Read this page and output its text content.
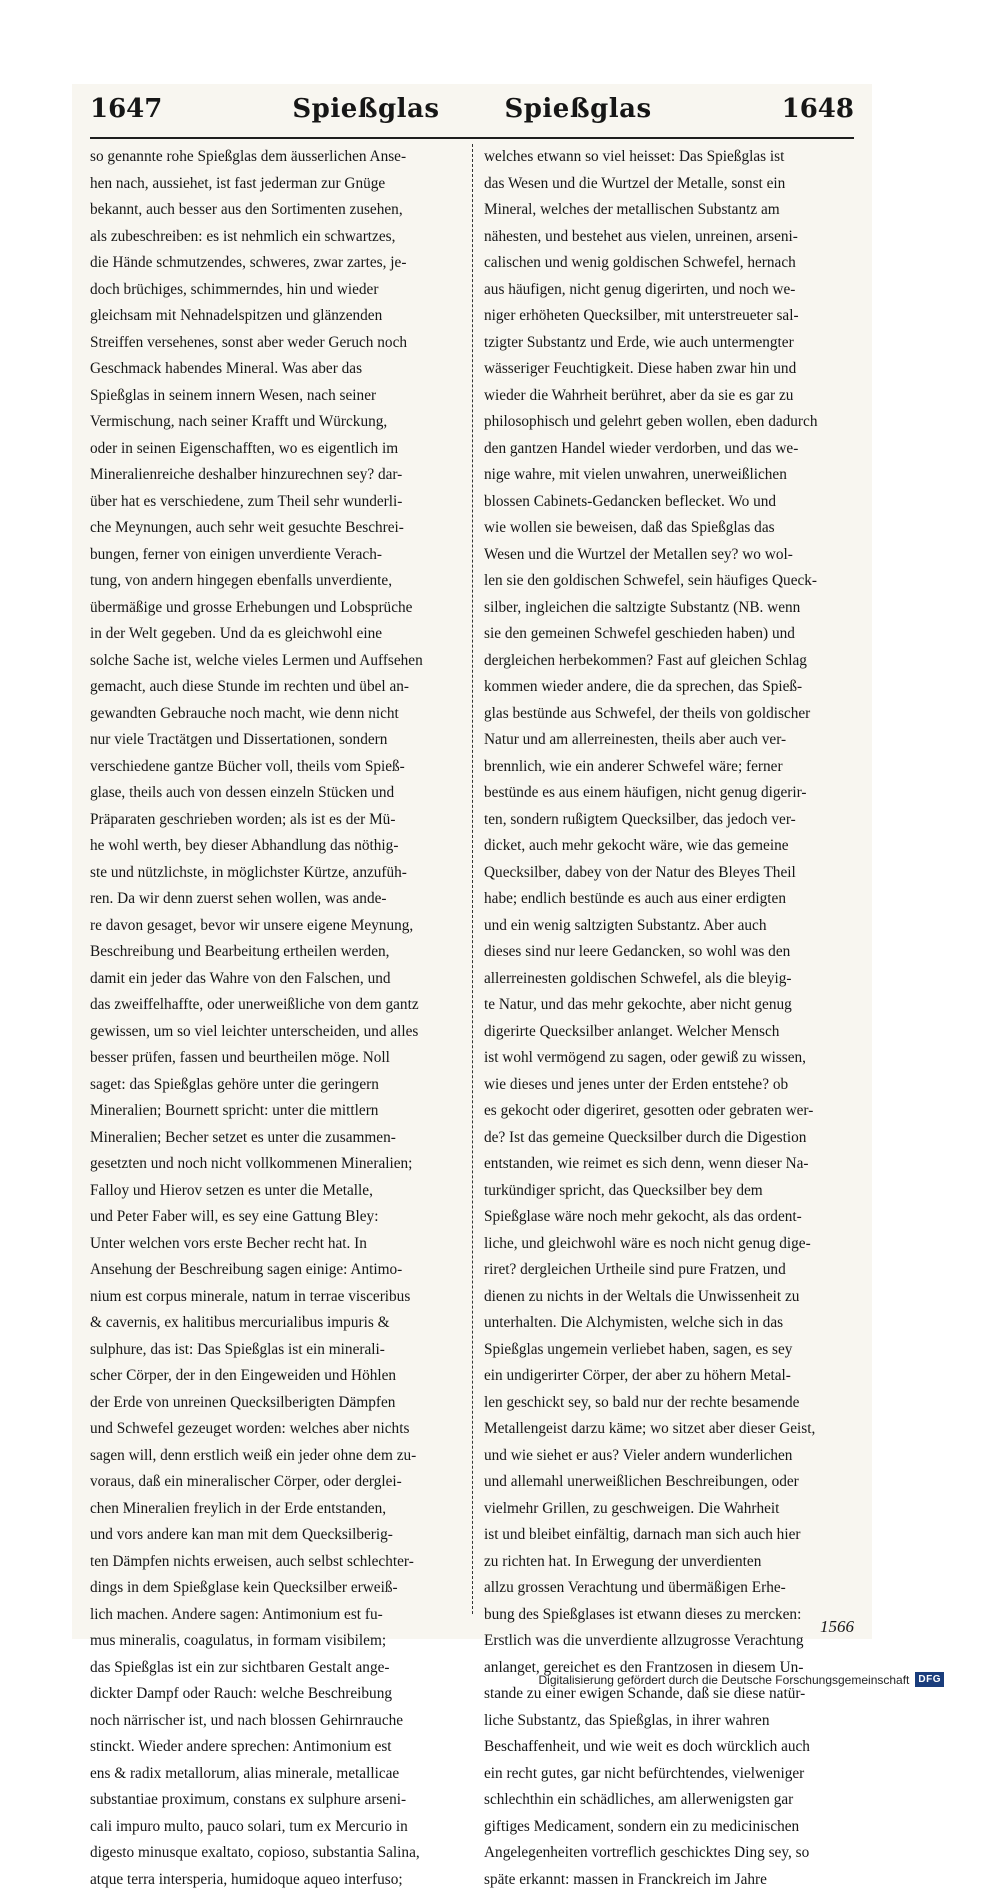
1647	Spießglas Spießglas	1648
so genannte rohe Spießglas dem äusserlichen Anse-
hen nach, aussiehet, ist fast jederman zur Gnüge
bekannt, auch besser aus den Sortimenten zusehen,
als zubeschreiben: es ist nehmlich ein schwartzes,
die Hände schmutzendes, schweres, zwar zartes, je-
doch brüchiges, schimmerndes, hin und wieder
gleichsam mit Nehnadelspitzen und glänzenden
Streiffen versehenes, sonst aber weder Geruch noch
Geschmack habendes Mineral. Was aber das
Spießglas in seinem innern Wesen, nach seiner
Vermischung, nach seiner Krafft und Würckung,
oder in seinen Eigenschafften, wo es eigentlich im
Mineralienreiche deshalber hinzurechnen sey? dar-
über hat es verschiedene, zum Theil sehr wunderli-
che Meynungen, auch sehr weit gesuchte Beschrei-
bungen, ferner von einigen unverdiente Verach-
tung, von andern hingegen ebenfalls unverdiente,
übermäßige und grosse Erhebungen und Lobsprüche
in der Welt gegeben. Und da es gleichwohl eine
solche Sache ist, welche vieles Lermen und Auffsehen
gemacht, auch diese Stunde im rechten und übel an-
gewandten Gebrauche noch macht, wie denn nicht
nur viele Tractätgen und Dissertationen, sondern
verschiedene gantze Bücher voll, theils vom Spieß-
glase, theils auch von dessen einzeln Stücken und
Präparaten geschrieben worden; als ist es der Mü-
he wohl werth, bey dieser Abhandlung das nöthig-
ste und nützlichste, in möglichster Kürtze, anzufüh-
ren. Da wir denn zuerst sehen wollen, was ande-
re davon gesaget, bevor wir unsere eigene Meynung,
Beschreibung und Bearbeitung ertheilen werden,
damit ein jeder das Wahre von den Falschen, und
das zweiffelhaffte, oder unerweißliche von dem gantz
gewissen, um so viel leichter unterscheiden, und alles
besser prüfen, fassen und beurtheilen möge. Noll
saget: das Spießglas gehöre unter die geringern
Mineralien; Bournett spricht: unter die mittlern
Mineralien; Becher setzet es unter die zusammen-
gesetzten und noch nicht vollkommenen Mineralien;
Falloy und Hierov setzen es unter die Metalle,
und Peter Faber will, es sey eine Gattung Bley:
Unter welchen vors erste Becher recht hat. In
Ansehung der Beschreibung sagen einige: Antimo-
nium est corpus minerale, natum in terrae visceribus
& cavernis, ex halitibus mercurialibus impuris &
sulphure, das ist: Das Spießglas ist ein minerali-
scher Cörper, der in den Eingeweiden und Höhlen
der Erde von unreinen Quecksilberigten Dämpfen
und Schwefel gezeuget worden: welches aber nichts
sagen will, denn erstlich weiß ein jeder ohne dem zu-
voraus, daß ein mineralischer Cörper, oder derglei-
chen Mineralien freylich in der Erde entstanden,
und vors andere kan man mit dem Quecksilberig-
ten Dämpfen nichts erweisen, auch selbst schlechter-
dings in dem Spießglase kein Quecksilber erweiß-
lich machen. Andere sagen: Antimonium est fu-
mus mineralis, coagulatus, in formam visibilem;
das Spießglas ist ein zur sichtbaren Gestalt ange-
dickter Dampf oder Rauch: welche Beschreibung
noch närrischer ist, und nach blossen Gehirnrauche
stinckt. Wieder andere sprechen: Antimonium est
ens & radix metallorum, alias minerale, metallicae
substantiae proximum, constans ex sulphure arseni-
cali impuro multo, pauco solari, tum ex Mercurio in
digesto minusque exaltato, copioso, substantia Salina,
atque terra intersperia, humidoque aqueo interfuso;
welches etwann so viel heisset: Das Spießglas ist
das Wesen und die Wurtzel der Metalle, sonst ein
Mineral, welches der metallischen Substantz am
nähesten, und bestehet aus vielen, unreinen, arseni-
calischen und wenig goldischen Schwefel, hernach
aus häufigen, nicht genug digerirten, und noch we-
niger erhöheten Quecksilber, mit unterstreueter sal-
tzigter Substantz und Erde, wie auch untermengter
wässeriger Feuchtigkeit. Diese haben zwar hin und
wieder die Wahrheit berühret, aber da sie es gar zu
philosophisch und gelehrt geben wollen, eben dadurch
den gantzen Handel wieder verdorben, und das we-
nige wahre, mit vielen unwahren, unerweißlichen
blossen Cabinets-Gedancken beflecket. Wo und
wie wollen sie beweisen, daß das Spießglas das
Wesen und die Wurtzel der Metallen sey? wo wol-
len sie den goldischen Schwefel, sein häufiges Queck-
silber, ingleichen die saltzigte Substantz (NB. wenn
sie den gemeinen Schwefel geschieden haben) und
dergleichen herbekommen? Fast auf gleichen Schlag
kommen wieder andere, die da sprechen, das Spieß-
glas bestünde aus Schwefel, der theils von goldischer
Natur und am allerreinesten, theils aber auch ver-
brennlich, wie ein anderer Schwefel wäre; ferner
bestünde es aus einem häufigen, nicht genug digerir-
ten, sondern rußigtem Quecksilber, das jedoch ver-
dicket, auch mehr gekocht wäre, wie das gemeine
Quecksilber, dabey von der Natur des Bleyes Theil
habe; endlich bestünde es auch aus einer erdigten
und ein wenig saltzigten Substantz. Aber auch
dieses sind nur leere Gedancken, so wohl was den
allerreinesten goldischen Schwefel, als die bleyig-
te Natur, und das mehr gekochte, aber nicht genug
digerirte Quecksilber anlanget. Welcher Mensch
ist wohl vermögend zu sagen, oder gewiß zu wissen,
wie dieses und jenes unter der Erden entstehe? ob
es gekocht oder digeriret, gesotten oder gebraten wer-
de? Ist das gemeine Quecksilber durch die Digestion
entstanden, wie reimet es sich denn, wenn dieser Na-
turkündiger spricht, das Quecksilber bey dem
Spießglase wäre noch mehr gekocht, als das ordent-
liche, und gleichwohl wäre es noch nicht genug dige-
riret? dergleichen Urtheile sind pure Fratzen, und
dienen zu nichts in der Weltals die Unwissenheit zu
unterhalten. Die Alchymisten, welche sich in das
Spießglas ungemein verliebet haben, sagen, es sey
ein undigerirter Cörper, der aber zu höhern Metal-
len geschickt sey, so bald nur der rechte besamende
Metallengeist darzu käme; wo sitzet aber dieser Geist,
und wie siehet er aus? Vieler andern wunderlichen
und allemahl unerweißlichen Beschreibungen, oder
vielmehr Grillen, zu geschweigen. Die Wahrheit
ist und bleibet einfältig, darnach man sich auch hier
zu richten hat. In Erwegung der unverdienten
allzu grossen Verachtung und übermäßigen Erhe-
bung des Spießglases ist etwann dieses zu mercken:
Erstlich was die unverdiente allzugrosse Verachtung
anlanget, gereichet es den Frantzosen in diesem Un-
stande zu einer ewigen Schande, daß sie diese natür-
liche Substantz, das Spießglas, in ihrer wahren
Beschaffenheit, und wie weit es doch würcklich auch
ein recht gutes, gar nicht befürchtendes, vielweniger
schlechthin ein schädliches, am allerwenigsten gar
giftiges Medicament, sondern ein zu medicinischen
Angelegenheiten vortreflich geschicktes Ding sey, so
späte erkannt: massen in Franckreich im Jahre
1566
Digitalisierung gefördert durch die Deutsche Forschungsgemeinschaft DFG
